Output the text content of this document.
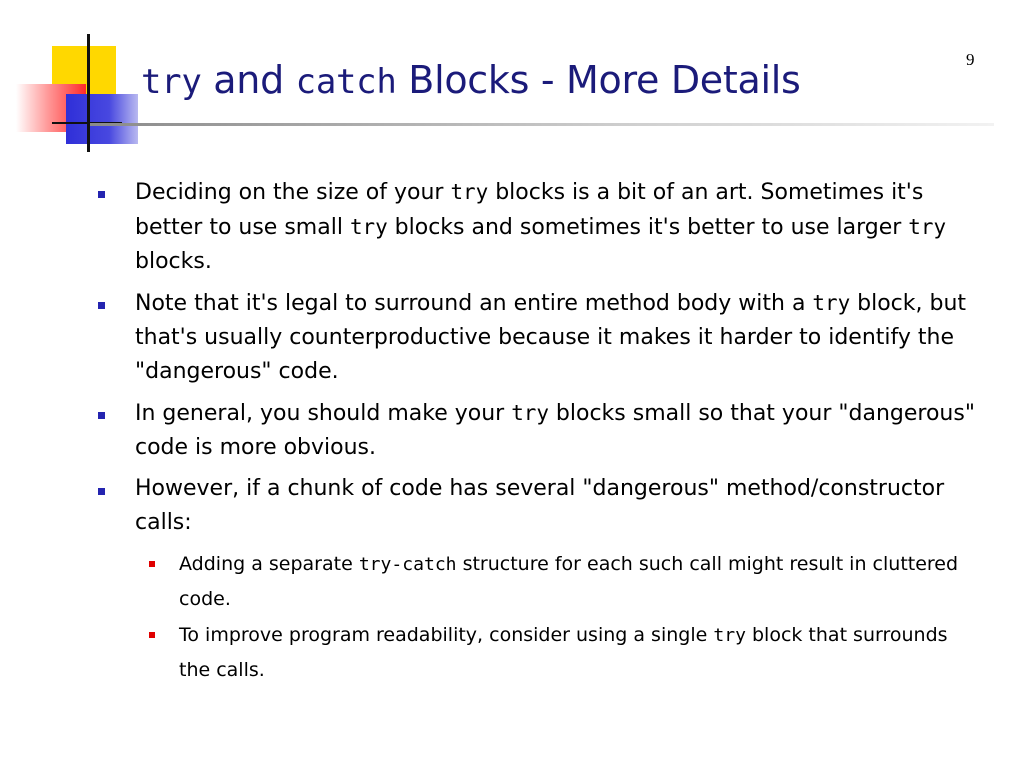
9
try and catch Blocks - More Details
Deciding on the size of your try blocks is a bit of an art. Sometimes it's better to use small try blocks and sometimes it's better to use larger try blocks.
Note that it's legal to surround an entire method body with a try block, but that's usually counterproductive because it makes it harder to identify the "dangerous" code.
In general, you should make your try blocks small so that your "dangerous" code is more obvious.
However, if a chunk of code has several "dangerous" method/constructor calls:
Adding a separate try-catch structure for each such call might result in cluttered code.
To improve program readability, consider using a single try block that surrounds the calls.
